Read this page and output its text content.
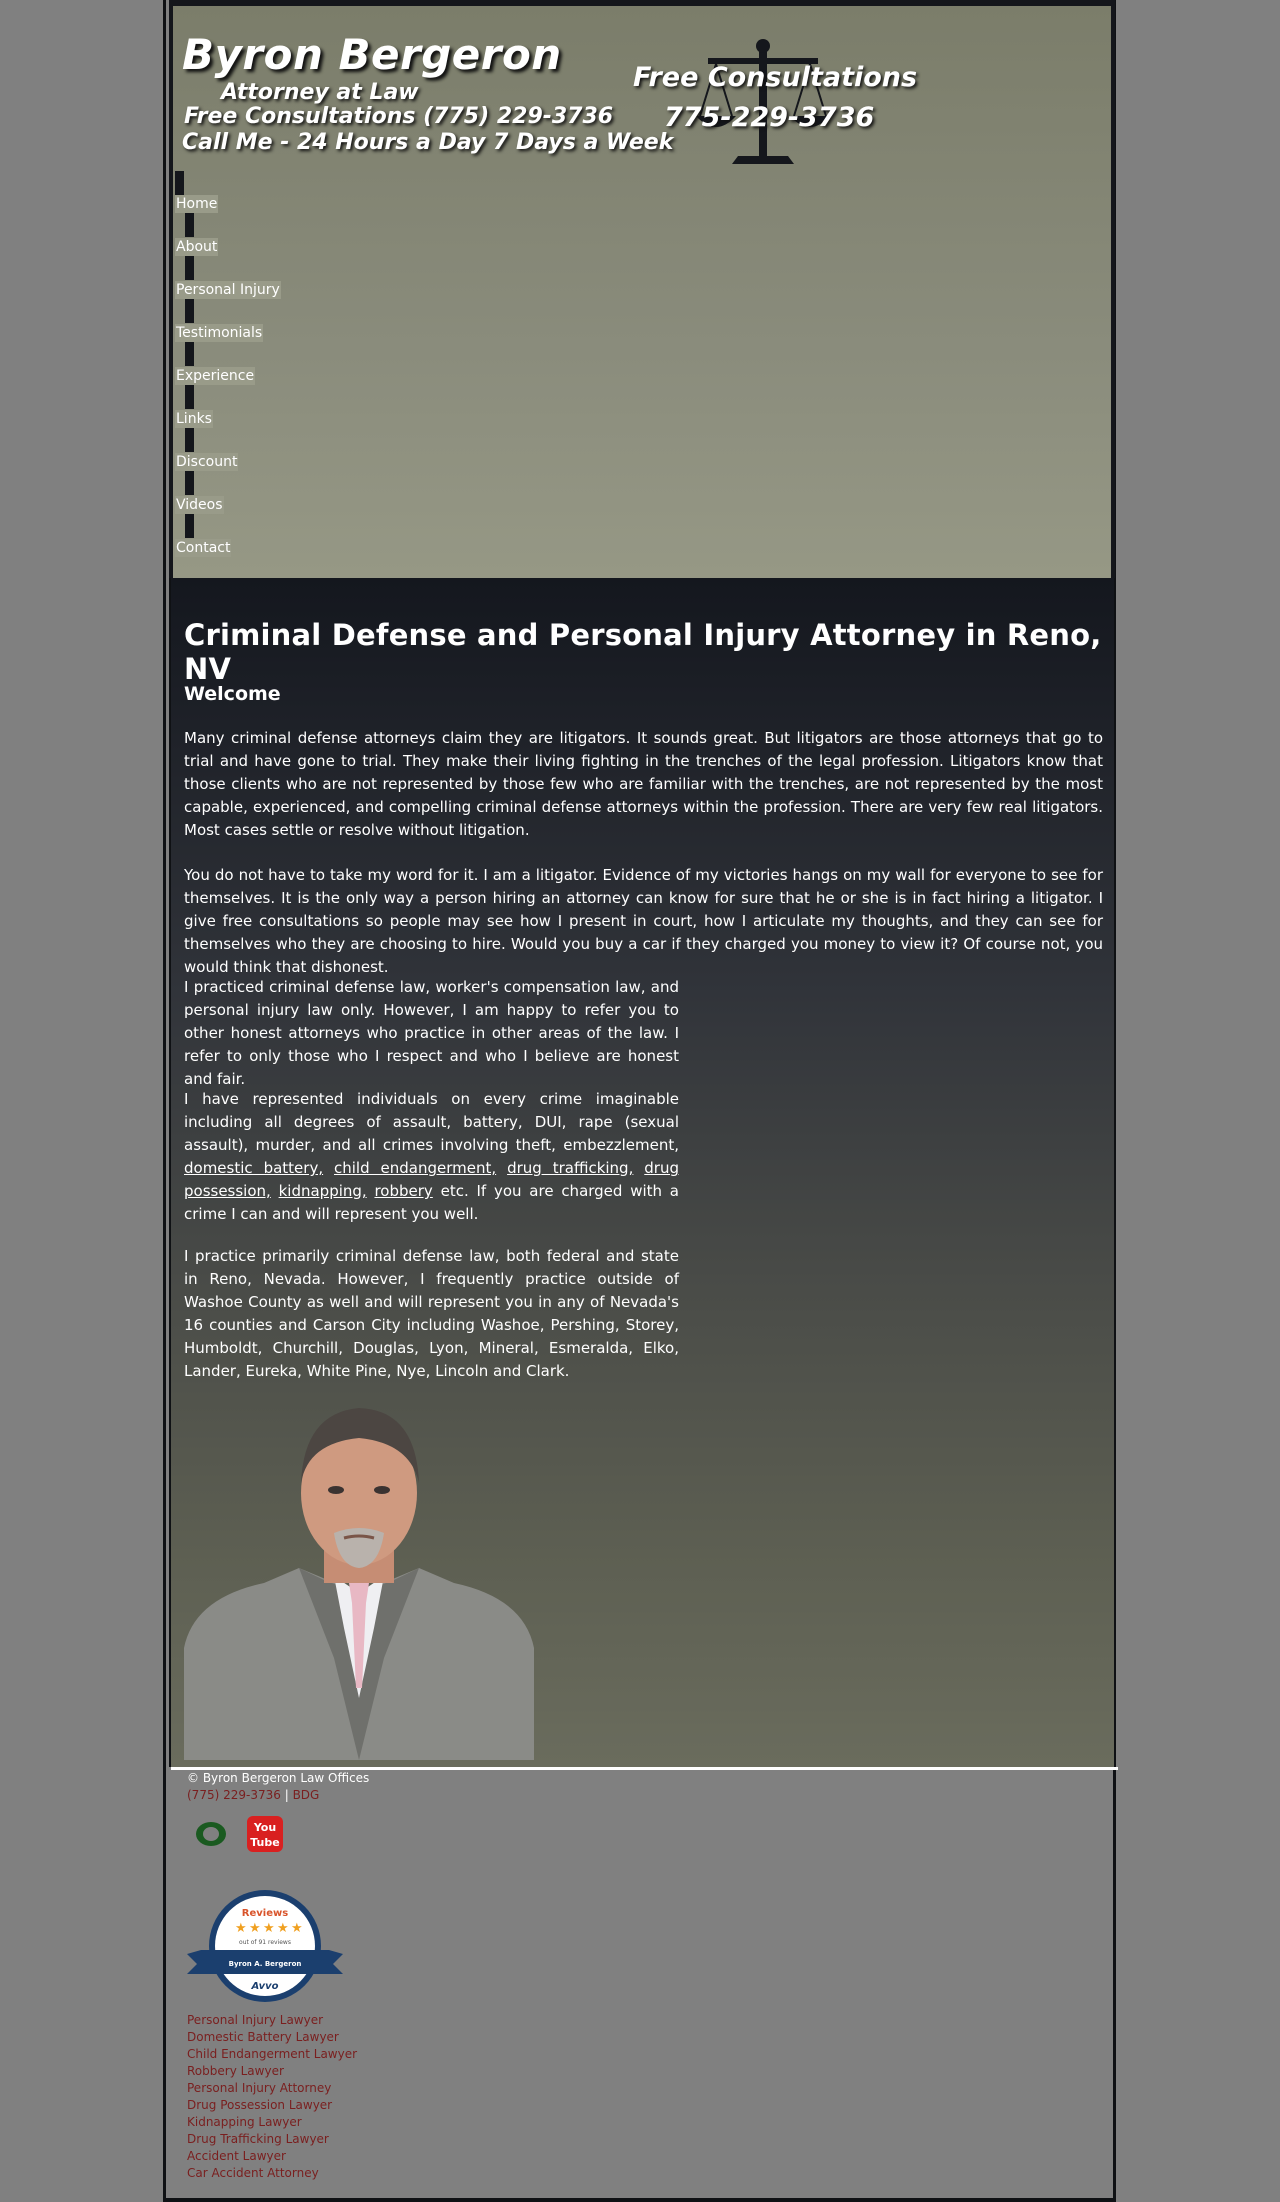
Byron Bergeron
Attorney at Law
Free Consultations (775) 229-3736
Call Me - 24 Hours a Day 7 Days a Week
Free Consultations
775-229-3736
Home
About
Personal Injury
Testimonials
Experience
Links
Discount
Videos
Contact
Criminal Defense and Personal Injury Attorney in Reno, NV
Welcome

Many criminal defense attorneys claim they are litigators. It sounds great. But litigators are those attorneys that go to trial and have gone to trial. They make their living fighting in the trenches of the legal profession. Litigators know that those clients who are not represented by those few who are familiar with the trenches, are not represented by the most capable, experienced, and compelling criminal defense attorneys within the profession. There are very few real litigators. Most cases settle or resolve without litigation.

You do not have to take my word for it. I am a litigator. Evidence of my victories hangs on my wall for everyone to see for themselves. It is the only way a person hiring an attorney can know for sure that he or she is in fact hiring a litigator. I give free consultations so people may see how I present in court, how I articulate my thoughts, and they can see for themselves who they are choosing to hire. Would you buy a car if they charged you money to view it? Of course not, you would think that dishonest.

I practiced criminal defense law, worker's compensation law, and personal injury law only. However, I am happy to refer you to other honest attorneys who practice in other areas of the law. I refer to only those who I respect and who I believe are honest and fair.

I have represented individuals on every crime imaginable including all degrees of assault, battery, DUI, rape (sexual assault), murder, and all crimes involving theft, embezzlement, domestic battery, child endangerment, drug trafficking, drug possession, kidnapping, robbery etc. If you are charged with a crime I can and will represent you well.

I practice primarily criminal defense law, both federal and state in Reno, Nevada. However, I frequently practice outside of Washoe County as well and will represent you in any of Nevada's 16 counties and Carson City including Washoe, Pershing, Storey, Humboldt, Churchill, Douglas, Lyon, Mineral, Esmeralda, Elko, Lander, Eureka, White Pine, Nye, Lincoln and Clark.

© Byron Bergeron Law Offices
(775) 229-3736 | BDG
You
Tube
Reviews
★ ★ ★ ★ ★
out of 91 reviews
Byron A. Bergeron
Avvo
Personal Injury Lawyer
Domestic Battery Lawyer
Child Endangerment Lawyer
Robbery Lawyer
Personal Injury Attorney
Drug Possession Lawyer
Kidnapping Lawyer
Drug Trafficking Lawyer
Accident Lawyer
Car Accident Attorney
